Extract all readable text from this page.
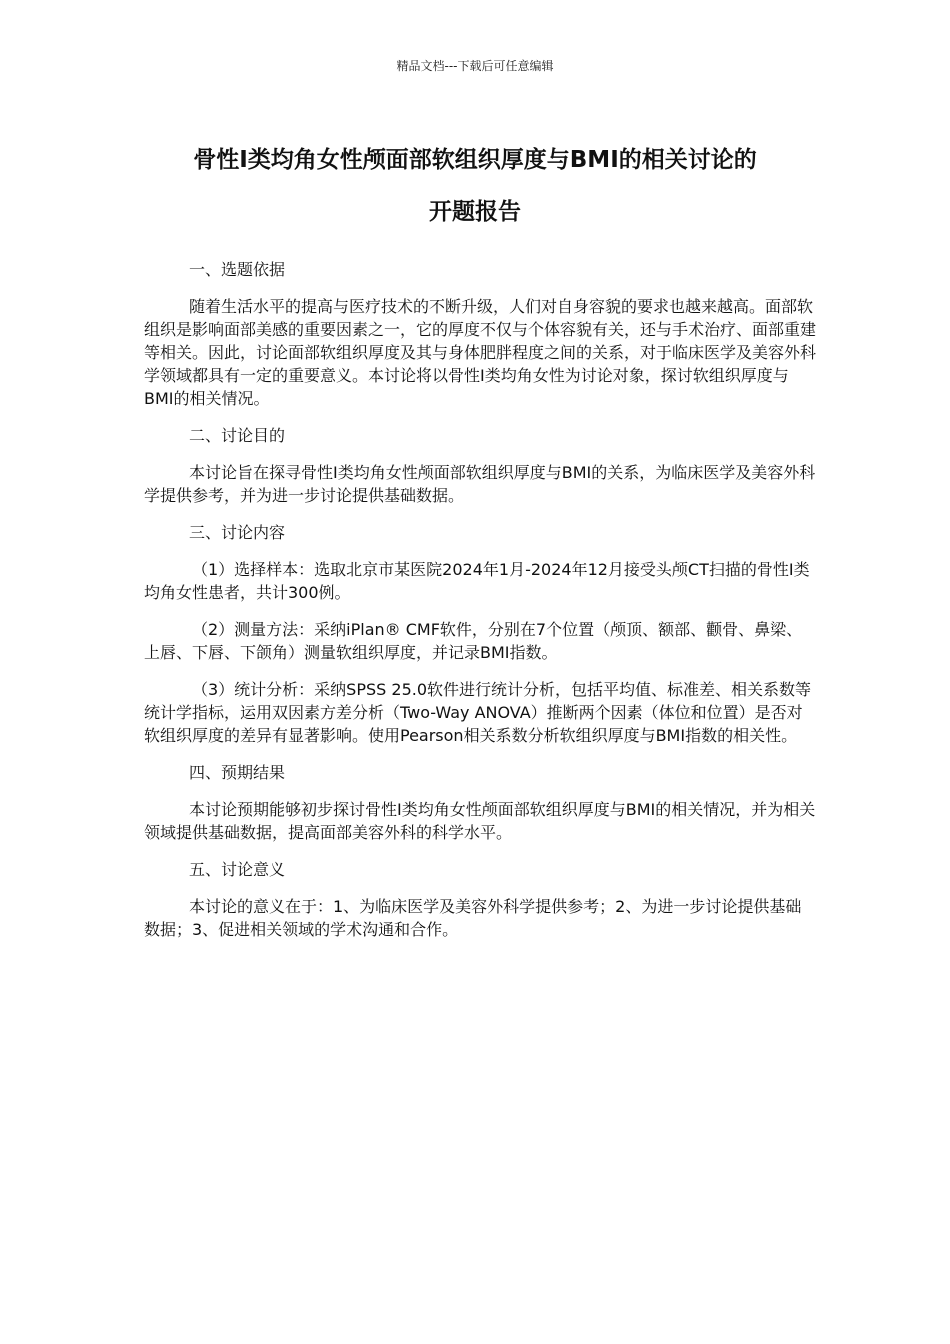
精品文档---下载后可任意编辑
骨性Ⅰ类均角女性颅面部软组织厚度与BMI的相关讨论的
开题报告
一、选题依据

随着生活水平的提高与医疗技术的不断升级，人们对自身容貌的要求也越来越高。面部软组织是影响面部美感的重要因素之一，它的厚度不仅与个体容貌有关，还与手术治疗、面部重建等相关。因此，讨论面部软组织厚度及其与身体肥胖程度之间的关系，对于临床医学及美容外科学领域都具有一定的重要意义。本讨论将以骨性Ⅰ类均角女性为讨论对象，探讨软组织厚度与BMI的相关情况。

二、讨论目的

本讨论旨在探寻骨性Ⅰ类均角女性颅面部软组织厚度与BMI的关系，为临床医学及美容外科学提供参考，并为进一步讨论提供基础数据。

三、讨论内容

（1）选择样本：选取北京市某医院2024年1月-2024年12月接受头颅CT扫描的骨性Ⅰ类均角女性患者，共计300例。

（2）测量方法：采纳iPlan® CMF软件，分别在7个位置（颅顶、额部、颧骨、鼻梁、上唇、下唇、下颌角）测量软组织厚度，并记录BMI指数。

（3）统计分析：采纳SPSS 25.0软件进行统计分析，包括平均值、标准差、相关系数等统计学指标，运用双因素方差分析（Two-Way ANOVA）推断两个因素（体位和位置）是否对软组织厚度的差异有显著影响。使用Pearson相关系数分析软组织厚度与BMI指数的相关性。

四、预期结果

本讨论预期能够初步探讨骨性Ⅰ类均角女性颅面部软组织厚度与BMI的相关情况，并为相关领域提供基础数据，提高面部美容外科的科学水平。

五、讨论意义

本讨论的意义在于：1、为临床医学及美容外科学提供参考；2、为进一步讨论提供基础数据；3、促进相关领域的学术沟通和合作。
